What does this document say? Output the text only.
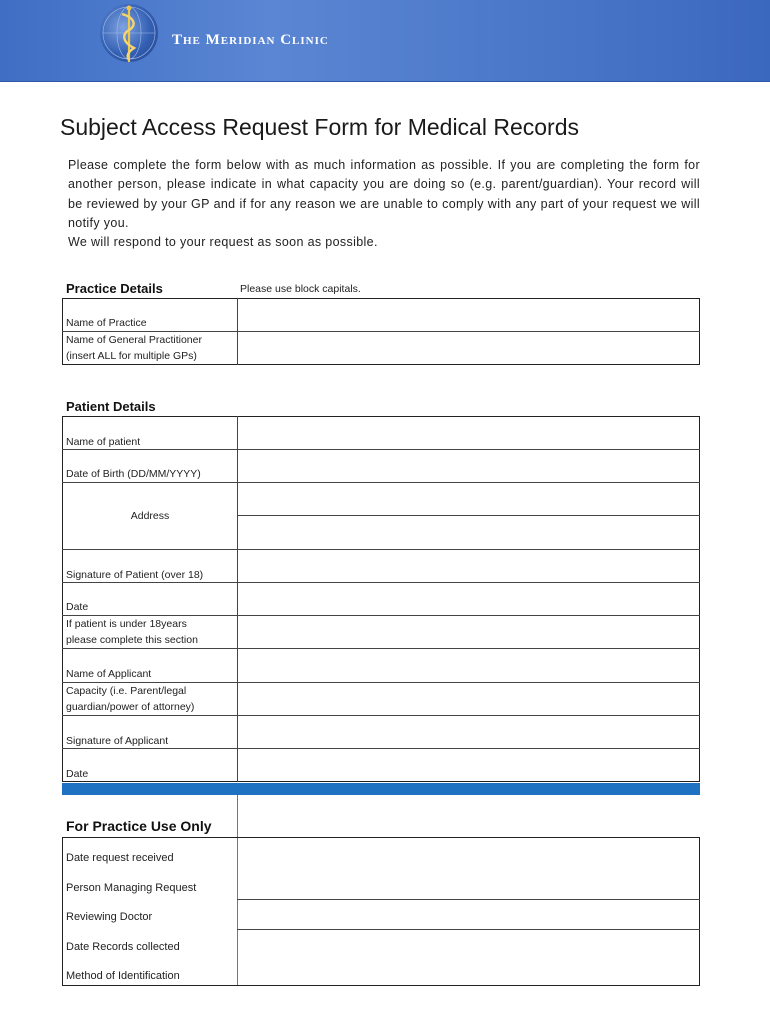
The Meridian Clinic
Subject Access Request Form for Medical Records

Please complete the form below with as much information as possible. If you are completing the form for another person, please indicate in what capacity you are doing so (e.g. parent/guardian). Your record will be reviewed by your GP and if for any reason we are unable to comply with any part of your request we will notify you.

We will respond to your request as soon as possible.

Practice Details	Please use block capitals.
Name of Practice
Name of General Practitioner
(insert ALL for multiple GPs)
Patient Details
Name of patient
Date of Birth (DD/MM/YYYY)
Address
Signature of Patient (over 18)
Date
If patient is under 18years
please complete this section
Name of Applicant
Capacity (i.e. Parent/legal
guardian/power of attorney)
Signature of Applicant
Date
For Practice Use Only
Date request received
Person Managing Request
Reviewing Doctor
Date Records collected
Method of Identification
